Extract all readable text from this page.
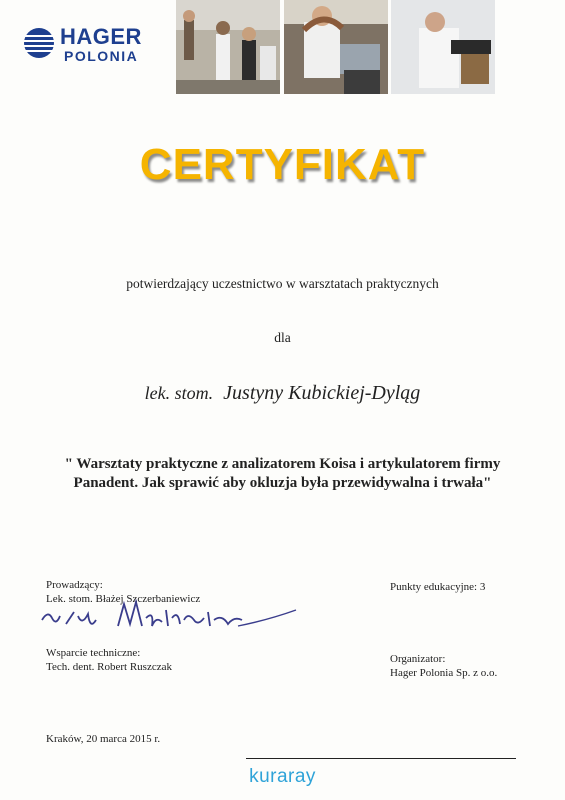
HAGER
POLONIA
CERTYFIKAT
potwierdzający uczestnictwo w warsztatach praktycznych
dla
lek. stom. Justyny Kubickiej-Dyląg
" Warsztaty praktyczne z analizatorem Koisa i artykulatorem firmy
Panadent. Jak sprawić aby okluzja była przewidywalna i trwała"
Prowadzący:
Lek. stom. Błażej Szczerbaniewicz
Punkty edukacyjne: 3
Wsparcie techniczne:
Tech. dent. Robert Ruszczak
Organizator:
Hager Polonia Sp. z o.o.
Kraków, 20 marca 2015 r.
kuraray
